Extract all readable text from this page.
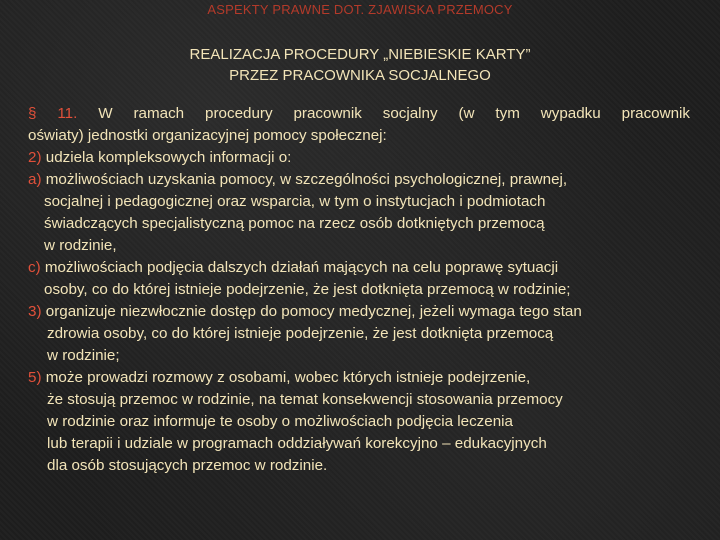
ASPEKTY PRAWNE DOT. ZJAWISKA PRZEMOCY
REALIZACJA PROCEDURY „NIEBIESKIE KARTY”
PRZEZ PRACOWNIKA SOCJALNEGO
§ 11. W ramach procedury pracownik socjalny (w tym wypadku pracownik
oświaty) jednostki organizacyjnej pomocy społecznej:
2) udziela kompleksowych informacji o:
a) możliwościach uzyskania pomocy, w szczególności psychologicznej, prawnej,
socjalnej i pedagogicznej oraz wsparcia, w tym o instytucjach i podmiotach
świadczących specjalistyczną pomoc na rzecz osób dotkniętych przemocą
w rodzinie,
c) możliwościach podjęcia dalszych działań mających na celu poprawę sytuacji
osoby, co do której istnieje podejrzenie, że jest dotknięta przemocą w rodzinie;
3) organizuje niezwłocznie dostęp do pomocy medycznej, jeżeli wymaga tego stan
zdrowia osoby, co do której istnieje podejrzenie, że jest dotknięta przemocą
w rodzinie;
5) może prowadzi rozmowy z osobami, wobec których istnieje podejrzenie,
że stosują przemoc w rodzinie, na temat konsekwencji stosowania przemocy
w rodzinie oraz informuje te osoby o możliwościach podjęcia leczenia
lub terapii i udziale w programach oddziaływań korekcyjno – edukacyjnych
dla osób stosujących przemoc w rodzinie.
